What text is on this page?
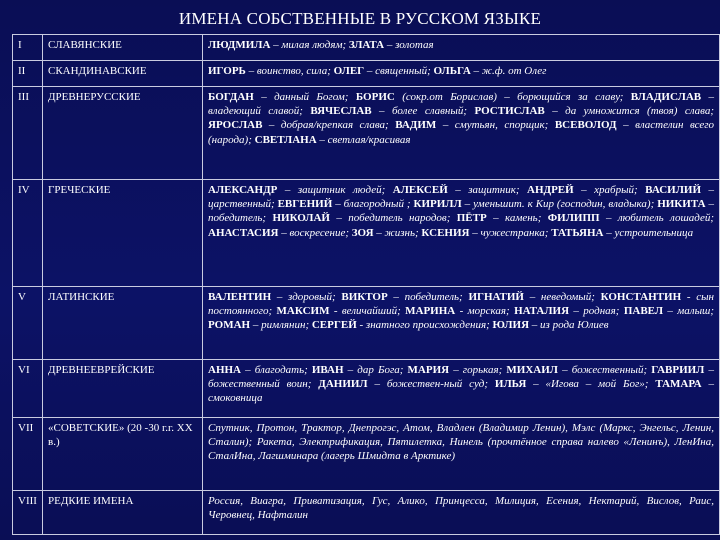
ИМЕНА СОБСТВЕННЫЕ В РУССКОМ ЯЗЫКЕ
I	СЛАВЯНСКИЕ	ЛЮДМИЛА – милая людям; ЗЛАТА – золотая
II	СКАНДИНАВСКИЕ	ИГОРЬ – воинство, сила; ОЛЕГ – священный; ОЛЬГА – ж.ф. от Олег
III	ДРЕВНЕРУССКИЕ	БОГДАН – данный Богом; БОРИС (сокр.от Борислав) – борющийся за славу; ВЛАДИСЛАВ – владеющий славой; ВЯЧЕСЛАВ – более славный; РОСТИСЛАВ – да умножится (твоя) слава; ЯРОСЛАВ – добрая/крепкая слава; ВАДИМ – смутьян, спорщик; ВСЕВОЛОД – властелин всего (народа); СВЕТЛАНА – светлая/красивая
IV	ГРЕЧЕСКИЕ	АЛЕКСАНДР – защитник людей; АЛЕКСЕЙ – защитник; АНДРЕЙ – храбрый; ВАСИЛИЙ – царственный; ЕВГЕНИЙ – благородный ; КИРИЛЛ – уменьшит. к Кир (господин, владыка); НИКИТА – победитель; НИКОЛАЙ – победитель народов; ПЁТР – камень; ФИЛИПП – любитель лошадей; АНАСТАСИЯ – воскресение; ЗОЯ – жизнь; КСЕНИЯ – чужестранка; ТАТЬЯНА – устроительница
V	ЛАТИНСКИЕ	ВАЛЕНТИН – здоровый; ВИКТОР – победитель; ИГНАТИЙ – неведомый; КОНСТАНТИН - сын постоянного; МАКСИМ - величайший; МАРИНА - морская; НАТАЛИЯ – родная; ПАВЕЛ – малыш; РОМАН – римлянин; СЕРГЕЙ - знатного происхождения; ЮЛИЯ – из рода Юлиев
VI	ДРЕВНЕЕВРЕЙСКИЕ	АННА – благодать; ИВАН – дар Бога; МАРИЯ – горькая; МИХАИЛ – божественный; ГАВРИИЛ – божественный воин; ДАНИИЛ – божествен-ный суд; ИЛЬЯ – «Игова – мой Бог»; ТАМАРА – смоковница
VII	«СОВЕТСКИЕ» (20 -30 г.г. XX в.)	Спутник, Протон, Трактор, Днепрогэс, Атом, Владлен (Владимир Ленин), Мэлс (Маркс, Энгельс, Ленин, Сталин); Ракета, Электрификация, Пятилетка, Нинель (прочтённое справа налево «Ленинъ), ЛенИна, СталИна, Лагшминара (лагерь Шмидта в Арктике)
VIII	РЕДКИЕ ИМЕНА	Россия, Виагра, Приватизация, Гус, Алико, Принцесса, Милиция, Есения, Нектарий, Вислов, Раис, Черовнец, Нафталин
